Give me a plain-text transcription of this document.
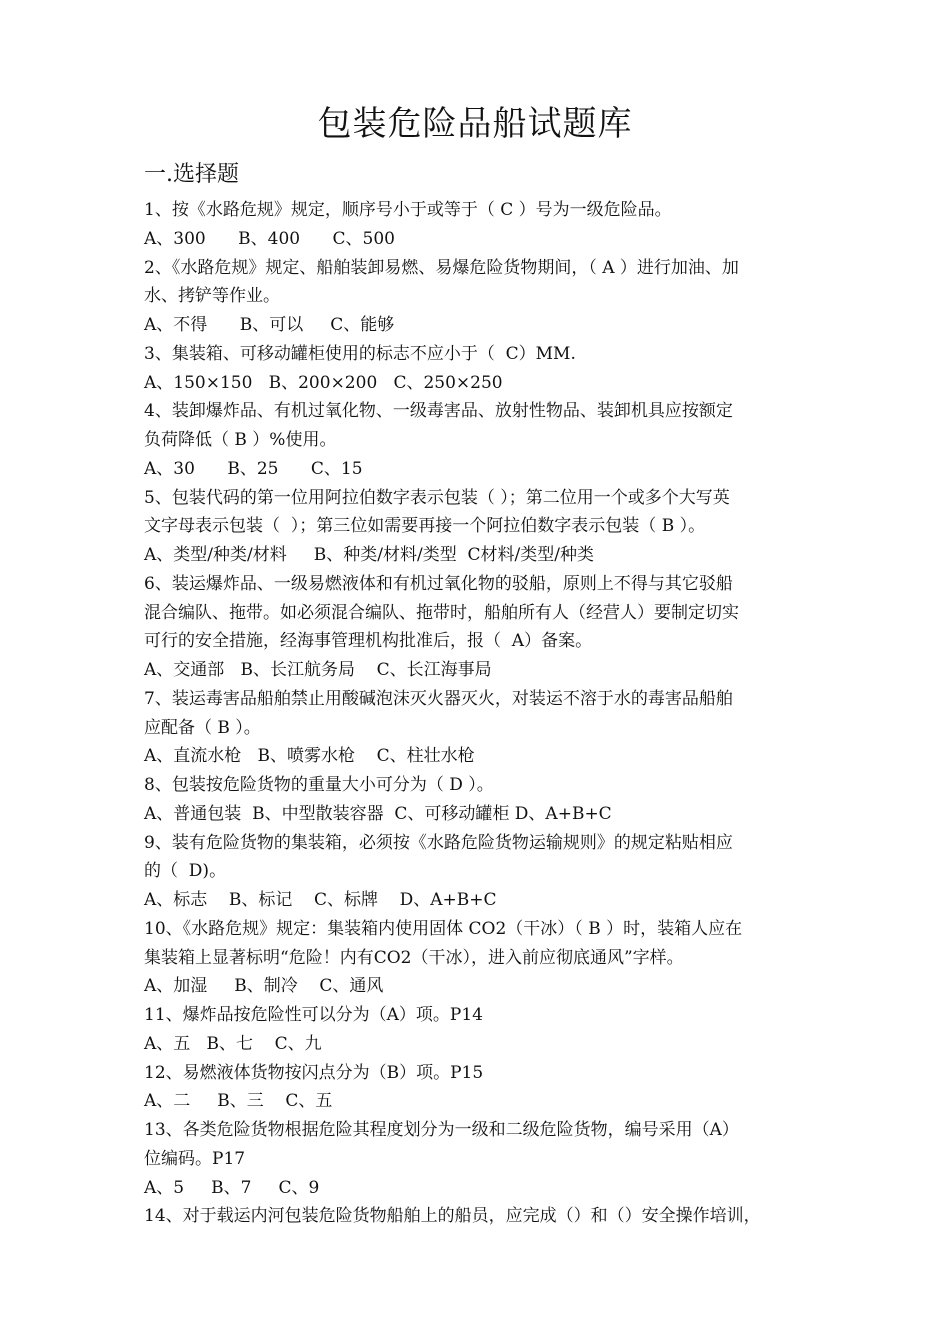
包装危险品船试题库
一.选择题
1、按《水路危规》规定，顺序号小于或等于（ C ）号为一级危险品。
A、300      B、400      C、500
2、《水路危规》规定、船舶装卸易燃、易爆危险货物期间，（ A ）进行加油、加
水、拷铲等作业。
A、不得      B、可以     C、能够
3、集装箱、可移动罐柜使用的标志不应小于（  C）MM.
A、150×150   B、200×200   C、250×250
4、装卸爆炸品、有机过氧化物、一级毒害品、放射性物品、装卸机具应按额定
负荷降低（ B ）%使用。
A、30      B、25      C、15
5、包装代码的第一位用阿拉伯数字表示包装（ ）；第二位用一个或多个大写英
文字母表示包装（  ）；第三位如需要再接一个阿拉伯数字表示包装（ B ）。
A、类型/种类/材料     B、种类/材料/类型  C材料/类型/种类
6、装运爆炸品、一级易燃液体和有机过氧化物的驳船，原则上不得与其它驳船
混合编队、拖带。如必须混合编队、拖带时，船舶所有人（经营人）要制定切实
可行的安全措施，经海事管理机构批准后，报（  A）备案。
A、交通部   B、长江航务局    C、长江海事局
7、装运毒害品船舶禁止用酸碱泡沫灭火器灭火，对装运不溶于水的毒害品船舶
应配备（ B ）。
A、直流水枪   B、喷雾水枪    C、柱壮水枪
8、包装按危险货物的重量大小可分为（ D ）。
A、普通包装  B、中型散装容器  C、可移动罐柜 D、A+B+C
9、装有危险货物的集装箱，必须按《水路危险货物运输规则》的规定粘贴相应
的（  D)。
A、标志    B、标记    C、标牌    D、A+B+C
10、《水路危规》规定：集装箱内使用固体 CO2（干冰）（ B ）时，装箱人应在
集装箱上显著标明“危险！内有CO2（干冰），进入前应彻底通风”字样。
A、加湿     B、制冷    C、通风
11、爆炸品按危险性可以分为（A）项。P14
A、五   B、七    C、九
12、易燃液体货物按闪点分为（B）项。P15
A、二     B、三    C、五
13、各类危险货物根据危险其程度划分为一级和二级危险货物，编号采用（A）
位编码。P17
A、5     B、7     C、9
14、对于载运内河包装危险货物船舶上的船员，应完成（）和（）安全操作培训，
